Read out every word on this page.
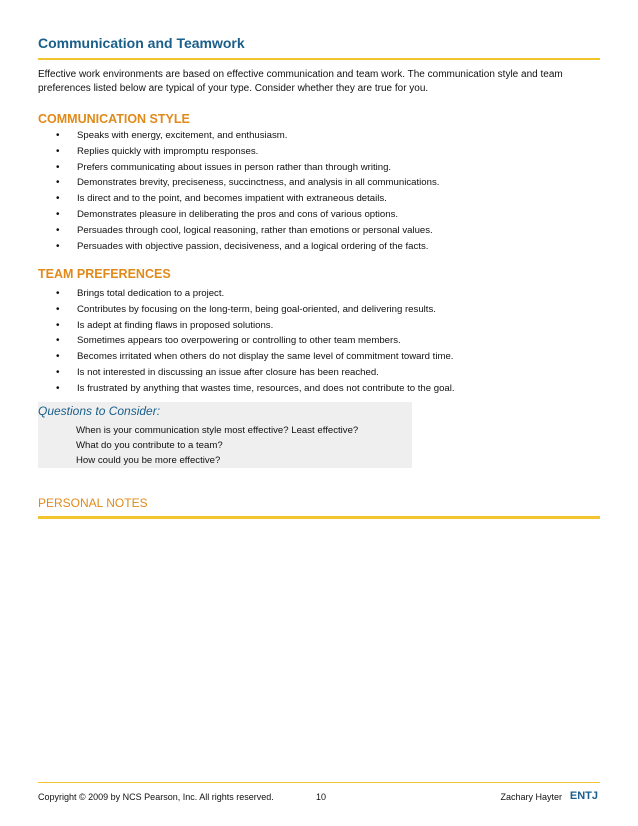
Communication and Teamwork
Effective work environments are based on effective communication and team work. The communication style and team preferences listed below are typical of your type. Consider whether they are true for you.
COMMUNICATION STYLE
• Speaks with energy, excitement, and enthusiasm.
• Replies quickly with impromptu responses.
• Prefers communicating about issues in person rather than through writing.
• Demonstrates brevity, preciseness, succinctness, and analysis in all communications.
• Is direct and to the point, and becomes impatient with extraneous details.
• Demonstrates pleasure in deliberating the pros and cons of various options.
• Persuades through cool, logical reasoning, rather than emotions or personal values.
• Persuades with objective passion, decisiveness, and a logical ordering of the facts.
TEAM PREFERENCES
• Brings total dedication to a project.
• Contributes by focusing on the long-term, being goal-oriented, and delivering results.
• Is adept at finding flaws in proposed solutions.
• Sometimes appears too overpowering or controlling to other team members.
• Becomes irritated when others do not display the same level of commitment toward time.
• Is not interested in discussing an issue after closure has been reached.
• Is frustrated by anything that wastes time, resources, and does not contribute to the goal.
Questions to Consider:
When is your communication style most effective? Least effective?
What do you contribute to a team?
How could you be more effective?
PERSONAL NOTES
Copyright © 2009 by NCS Pearson, Inc. All rights reserved.	10	Zachary Hayter ENTJ
